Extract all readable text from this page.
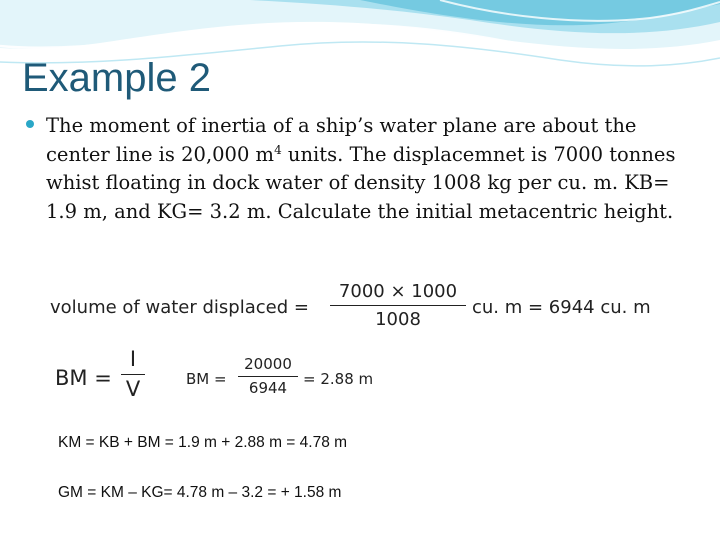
Example 2

The moment of inertia of a ship’s water plane are about the center line is 20,000 $m^4$ units. The displacemnet is 7000 tonnes whist floating in dock water of density 1008 kg per cu. m. KB= 1.9 m, and KG= 3.2 m. Calculate the initial metacentric height.

volume of water displaced =
7000 × 1000
1008
cu. m = 6944 cu. m
BM =
I
V	BM =
20000
6944	= 2.88 m
KM = KB + BM = 1.9 m + 2.88 m = 4.78 m
GM = KM – KG= 4.78 m – 3.2 = + 1.58 m
